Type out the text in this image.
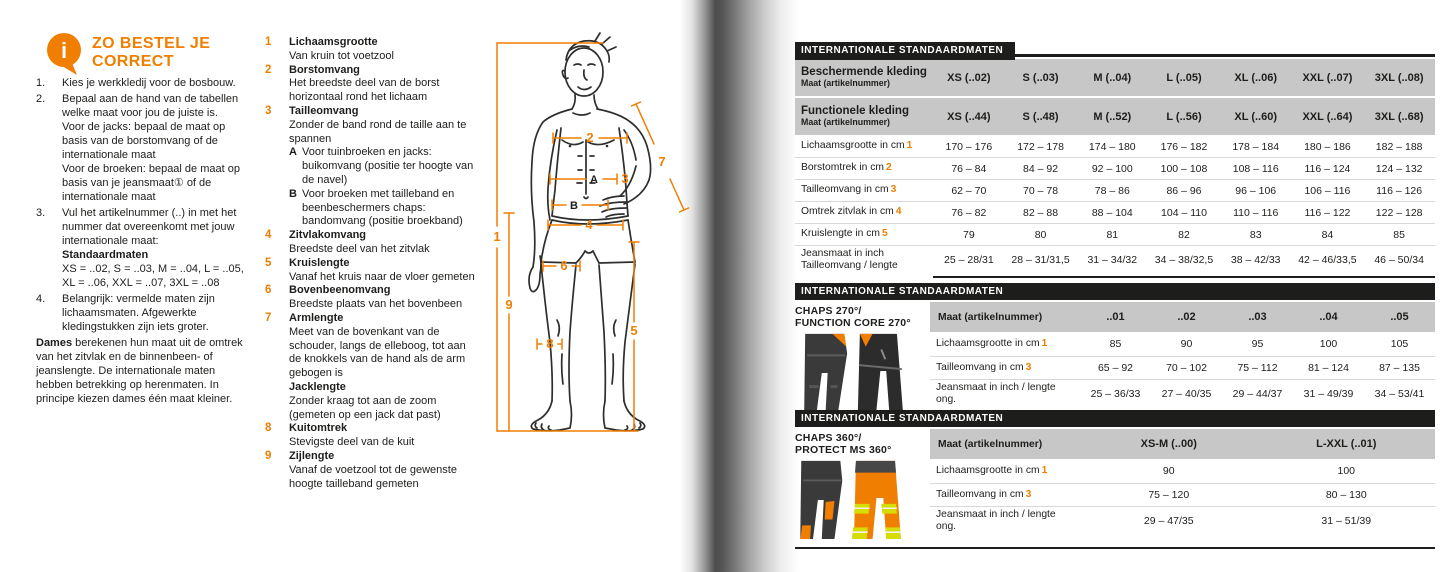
i ZO BESTEL JE
CORRECT
1.	Kies je werkkledij voor de bosbouw.
2.	Bepaal aan de hand van de tabellen welke maat voor jou de juiste is.
Voor de jacks: bepaal de maat op basis van de borstomvang of de internationale maat
Voor de broeken: bepaal de maat op basis van je jeansmaat① of de internationale maat
3.	Vul het artikelnummer (..) in met het nummer dat overeenkomt met jouw internationale maat:
Standaardmaten
XS = ..02, S = ..03, M = ..04, L = ..05, XL = ..06, XXL = ..07, 3XL = ..08
4.	Belangrijk: vermelde maten zijn lichaamsmaten. Afgewerkte kledingstukken zijn iets groter.

Dames berekenen hun maat uit de omtrek van het zitvlak en de binnenbeen- of jeanslengte. De internationale maten hebben betrekking op herenmaten. In principe kiezen dames één maat kleiner.

1	Lichaamsgrootte
Van kruin tot voetzool
2	Borstomvang
Het breedste deel van de borst horizontaal rond het lichaam
3	Tailleomvang
Zonder de band rond de taille aan te spannen
A Voor tuinbroeken en jacks: buikomvang (positie ter hoogte van de navel)
B Voor broeken met tailleband en beenbeschermers chaps: bandomvang (positie broekband)
4	Zitvlakomvang
Breedste deel van het zitvlak
5	Kruislengte
Vanaf het kruis naar de vloer gemeten
6	Bovenbeenomvang
Breedste plaats van het bovenbeen
7	Armlengte
Meet van de bovenkant van de schouder, langs de elleboog, tot aan de knokkels van de hand als de arm gebogen is
Jacklengte
Zonder kraag tot aan de zoom (gemeten op een jack dat past)
8	Kuitomtrek
Stevigste deel van de kuit
9	Zijlengte
Vanaf de voetzool tot de gewenste hoogte tailleband gemeten
1
2
3
4
5
6
7
8
9
A
B
INTERNATIONALE STANDAARDMATEN
Beschermende kleding
Maat (artikelnummer)	XS (..02)	S (..03)	M (..04)	L (..05)	XL (..06)	XXL (..07)	3XL (..08)
Functionele kleding
Maat (artikelnummer)	XS (..44)	S (..48)	M (..52)	L (..56)	XL (..60)	XXL (..64)	3XL (..68)
Lichaamsgrootte in cm 1	170 – 176	172 – 178	174 – 180	176 – 182	178 – 184	180 – 186	182 – 188
Borstomtrek in cm 2	76 – 84	84 – 92	92 – 100	100 – 108	108 – 116	116 – 124	124 – 132
Tailleomvang in cm 3	62 – 70	70 – 78	78 – 86	86 – 96	96 – 106	106 – 116	116 – 126
Omtrek zitvlak in cm 4	76 – 82	82 – 88	88 – 104	104 – 110	110 – 116	116 – 122	122 – 128
Kruislengte in cm 5	79	80	81	82	83	84	85
Jeansmaat in inch
Tailleomvang / lengte	25 – 28/31	28 – 31/31,5	31 – 34/32	34 – 38/32,5	38 – 42/33	42 – 46/33,5	46 – 50/34
INTERNATIONALE STANDAARDMATEN
CHAPS 270°/
FUNCTION CORE 270°
Maat (artikelnummer)	..01	..02	..03	..04	..05
Lichaamsgrootte in cm 1	85	90	95	100	105
Tailleomvang in cm 3	65 – 92	70 – 102	75 – 112	81 – 124	87 – 135
Jeansmaat in inch / lengte ong.	25 – 36/33	27 – 40/35	29 – 44/37	31 – 49/39	34 – 53/41
INTERNATIONALE STANDAARDMATEN
CHAPS 360°/
PROTECT MS 360°
Maat (artikelnummer)	XS-M (..00)	L-XXL (..01)
Lichaamsgrootte in cm 1	90	100
Tailleomvang in cm 3	75 – 120	80 – 130
Jeansmaat in inch / lengte ong.	29 – 47/35	31 – 51/39
